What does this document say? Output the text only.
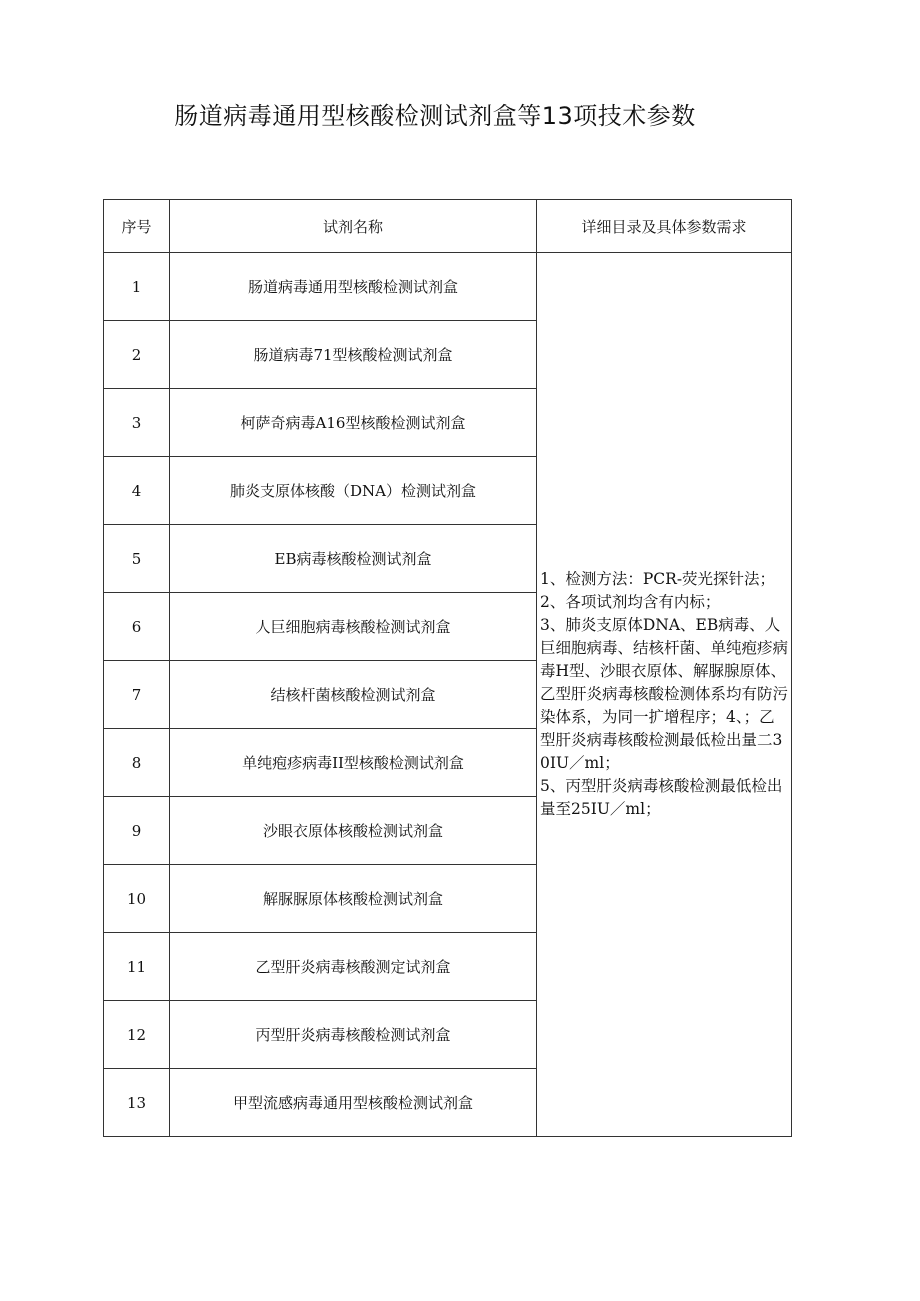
肠道病毒通用型核酸检测试剂盒等13项技术参数
序号	试剂名称	详细目录及具体参数需求
1	肠道病毒通用型核酸检测试剂盒	1、检测方法：PCR-荧光探针法；

2、各项试剂均含有内标；

3、肺炎支原体DNA、EB病毒、人巨细胞病毒、结核杆菌、单纯疱疹病毒H型、沙眼衣原体、解脲腺原体、乙型肝炎病毒核酸检测体系均有防污染体系，为同一扩增程序；4、；乙型肝炎病毒核酸检测最低检出量二30IU／ml；

5、丙型肝炎病毒核酸检测最低检出量至25IU／ml；

2	肠道病毒71型核酸检测试剂盒	
3	柯萨奇病毒A16型核酸检测试剂盒	
4	肺炎支原体核酸（DNA）检测试剂盒	
5	EB病毒核酸检测试剂盒	
6	人巨细胞病毒核酸检测试剂盒	
7	结核杆菌核酸检测试剂盒	
8	单纯疱疹病毒II型核酸检测试剂盒	
9	沙眼衣原体核酸检测试剂盒	
10	解脲脲原体核酸检测试剂盒	
11	乙型肝炎病毒核酸测定试剂盒	
12	丙型肝炎病毒核酸检测试剂盒	
13	甲型流感病毒通用型核酸检测试剂盒	
